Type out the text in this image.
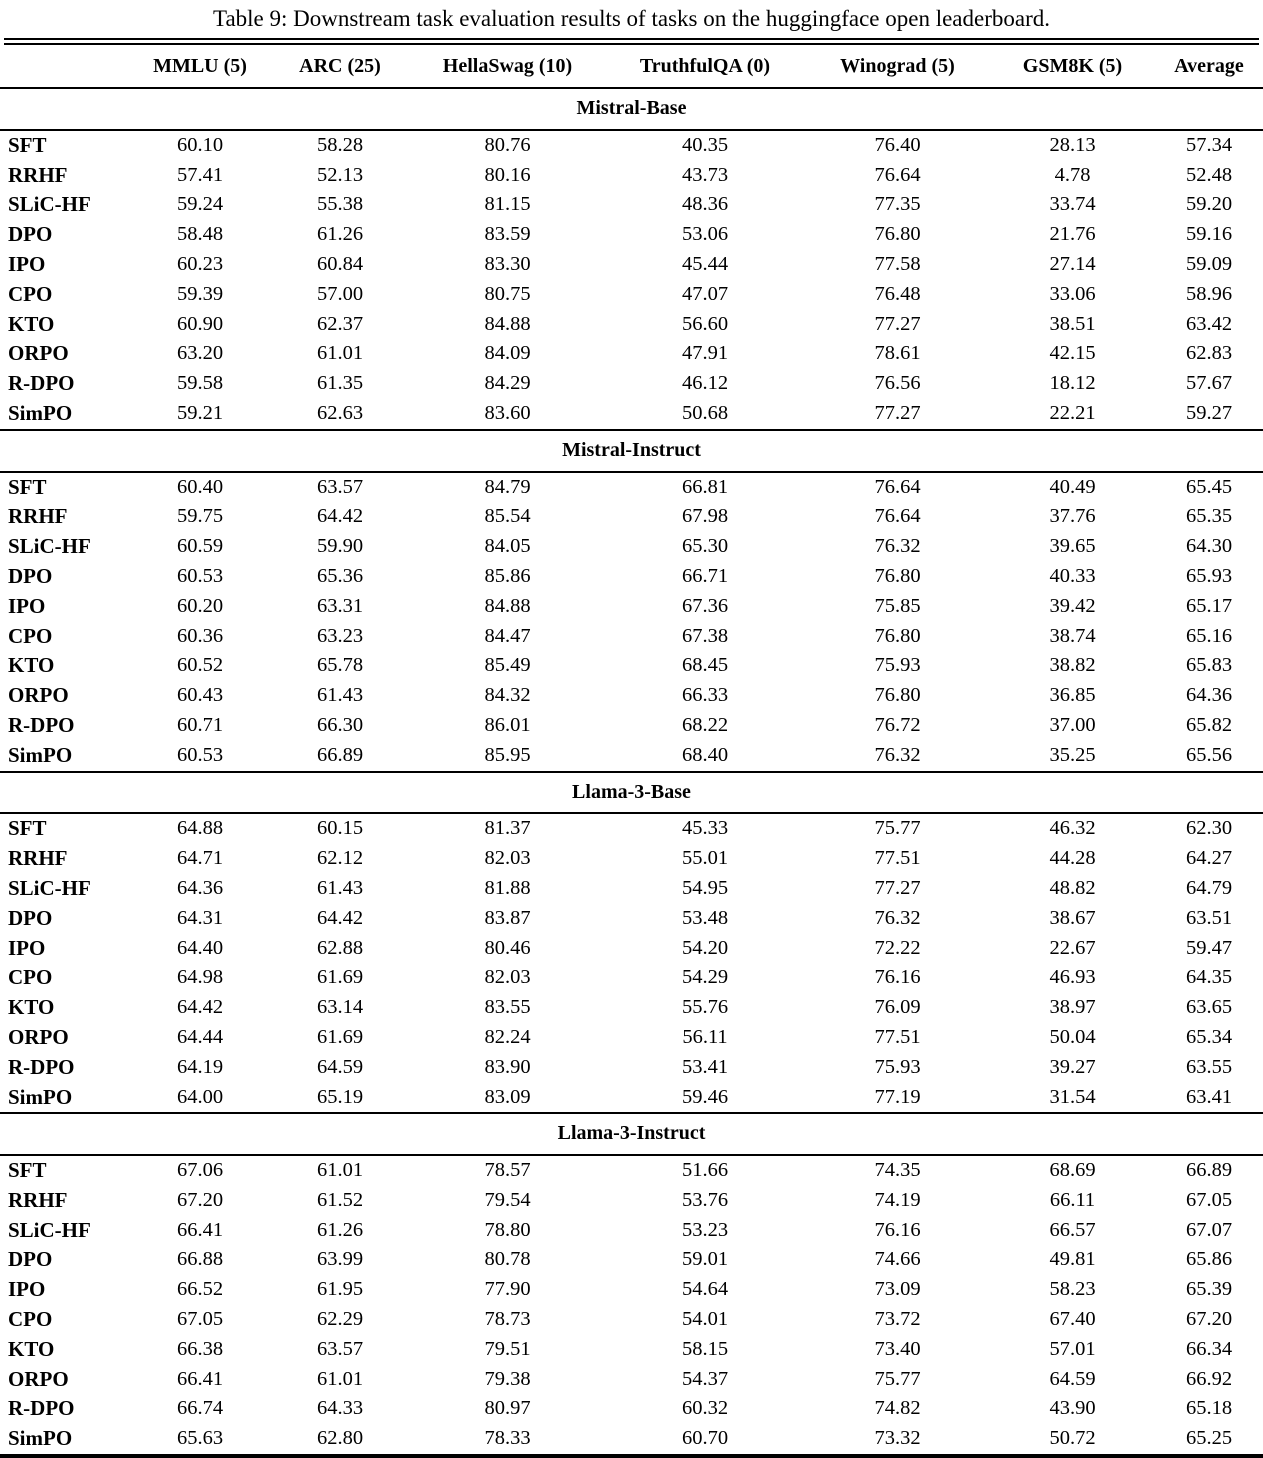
Table 9: Downstream task evaluation results of tasks on the huggingface open leaderboard.
	MMLU (5)	ARC (25)	HellaSwag (10)	TruthfulQA (0)	Winograd (5)	GSM8K (5)	Average
Mistral-Base							
SFT	60.10	58.28	80.76	40.35	76.40	28.13	57.34
RRHF	57.41	52.13	80.16	43.73	76.64	4.78	52.48
SLiC-HF	59.24	55.38	81.15	48.36	77.35	33.74	59.20
DPO	58.48	61.26	83.59	53.06	76.80	21.76	59.16
IPO	60.23	60.84	83.30	45.44	77.58	27.14	59.09
CPO	59.39	57.00	80.75	47.07	76.48	33.06	58.96
KTO	60.90	62.37	84.88	56.60	77.27	38.51	63.42
ORPO	63.20	61.01	84.09	47.91	78.61	42.15	62.83
R-DPO	59.58	61.35	84.29	46.12	76.56	18.12	57.67
SimPO	59.21	62.63	83.60	50.68	77.27	22.21	59.27
Mistral-Instruct							
SFT	60.40	63.57	84.79	66.81	76.64	40.49	65.45
RRHF	59.75	64.42	85.54	67.98	76.64	37.76	65.35
SLiC-HF	60.59	59.90	84.05	65.30	76.32	39.65	64.30
DPO	60.53	65.36	85.86	66.71	76.80	40.33	65.93
IPO	60.20	63.31	84.88	67.36	75.85	39.42	65.17
CPO	60.36	63.23	84.47	67.38	76.80	38.74	65.16
KTO	60.52	65.78	85.49	68.45	75.93	38.82	65.83
ORPO	60.43	61.43	84.32	66.33	76.80	36.85	64.36
R-DPO	60.71	66.30	86.01	68.22	76.72	37.00	65.82
SimPO	60.53	66.89	85.95	68.40	76.32	35.25	65.56
Llama-3-Base							
SFT	64.88	60.15	81.37	45.33	75.77	46.32	62.30
RRHF	64.71	62.12	82.03	55.01	77.51	44.28	64.27
SLiC-HF	64.36	61.43	81.88	54.95	77.27	48.82	64.79
DPO	64.31	64.42	83.87	53.48	76.32	38.67	63.51
IPO	64.40	62.88	80.46	54.20	72.22	22.67	59.47
CPO	64.98	61.69	82.03	54.29	76.16	46.93	64.35
KTO	64.42	63.14	83.55	55.76	76.09	38.97	63.65
ORPO	64.44	61.69	82.24	56.11	77.51	50.04	65.34
R-DPO	64.19	64.59	83.90	53.41	75.93	39.27	63.55
SimPO	64.00	65.19	83.09	59.46	77.19	31.54	63.41
Llama-3-Instruct							
SFT	67.06	61.01	78.57	51.66	74.35	68.69	66.89
RRHF	67.20	61.52	79.54	53.76	74.19	66.11	67.05
SLiC-HF	66.41	61.26	78.80	53.23	76.16	66.57	67.07
DPO	66.88	63.99	80.78	59.01	74.66	49.81	65.86
IPO	66.52	61.95	77.90	54.64	73.09	58.23	65.39
CPO	67.05	62.29	78.73	54.01	73.72	67.40	67.20
KTO	66.38	63.57	79.51	58.15	73.40	57.01	66.34
ORPO	66.41	61.01	79.38	54.37	75.77	64.59	66.92
R-DPO	66.74	64.33	80.97	60.32	74.82	43.90	65.18
SimPO	65.63	62.80	78.33	60.70	73.32	50.72	65.25
